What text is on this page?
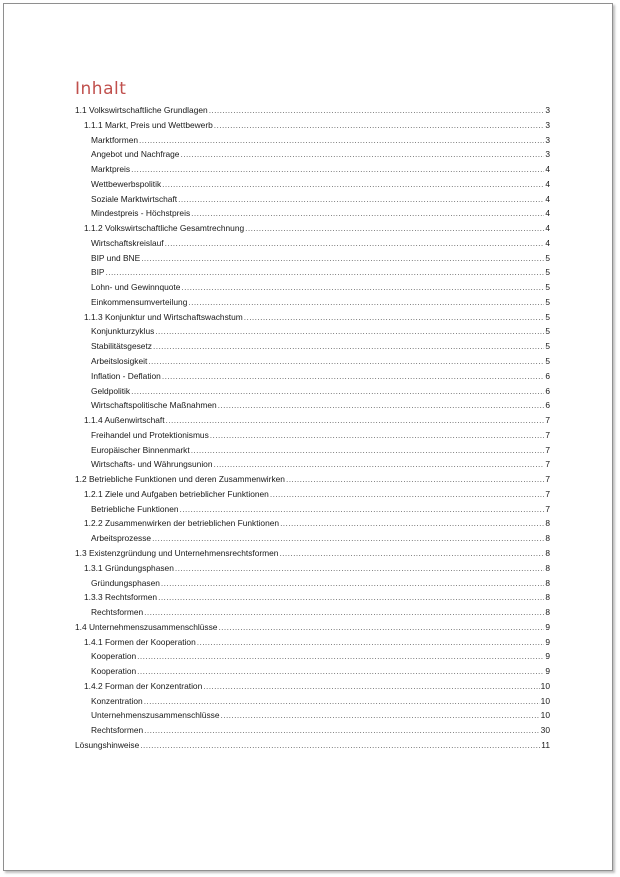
Inhalt
1.1 Volkswirtschaftliche Grundlagen .....	3
1.1.1 Markt, Preis und Wettbewerb .....	3
Marktformen .....	3
Angebot und Nachfrage .....	3
Marktpreis .....	4
Wettbewerbspolitik .....	4
Soziale Marktwirtschaft .....	4
Mindestpreis - Höchstpreis .....	4
1.1.2 Volkswirtschaftliche Gesamtrechnung .....	4
Wirtschaftskreislauf .....	4
BIP und BNE .....	5
BIP .....	5
Lohn- und Gewinnquote .....	5
Einkommensumverteilung .....	5
1.1.3 Konjunktur und Wirtschaftswachstum .....	5
Konjunkturzyklus .....	5
Stabilitätsgesetz .....	5
Arbeitslosigkeit .....	5
Inflation - Deflation .....	6
Geldpolitik .....	6
Wirtschaftspolitische Maßnahmen .....	6
1.1.4 Außenwirtschaft .....	7
Freihandel und Protektionismus .....	7
Europäischer Binnenmarkt .....	7
Wirtschafts- und Währungsunion .....	7
1.2 Betriebliche Funktionen und deren Zusammenwirken .....	7
1.2.1 Ziele und Aufgaben betrieblicher Funktionen .....	7
Betriebliche Funktionen .....	7
1.2.2 Zusammenwirken der betrieblichen Funktionen .....	8
Arbeitsprozesse .....	8
1.3 Existenzgründung und Unternehmensrechtsformen .....	8
1.3.1 Gründungsphasen .....	8
Gründungsphasen .....	8
1.3.3 Rechtsformen .....	8
Rechtsformen .....	8
1.4 Unternehmenszusammenschlüsse .....	9
1.4.1 Formen der Kooperation .....	9
Kooperation .....	9
Kooperation .....	9
1.4.2 Forman der Konzentration .....	10
Konzentration .....	10
Unternehmenszusammenschlüsse .....	10
Rechtsformen .....	30
Lösungshinweise .....	11
